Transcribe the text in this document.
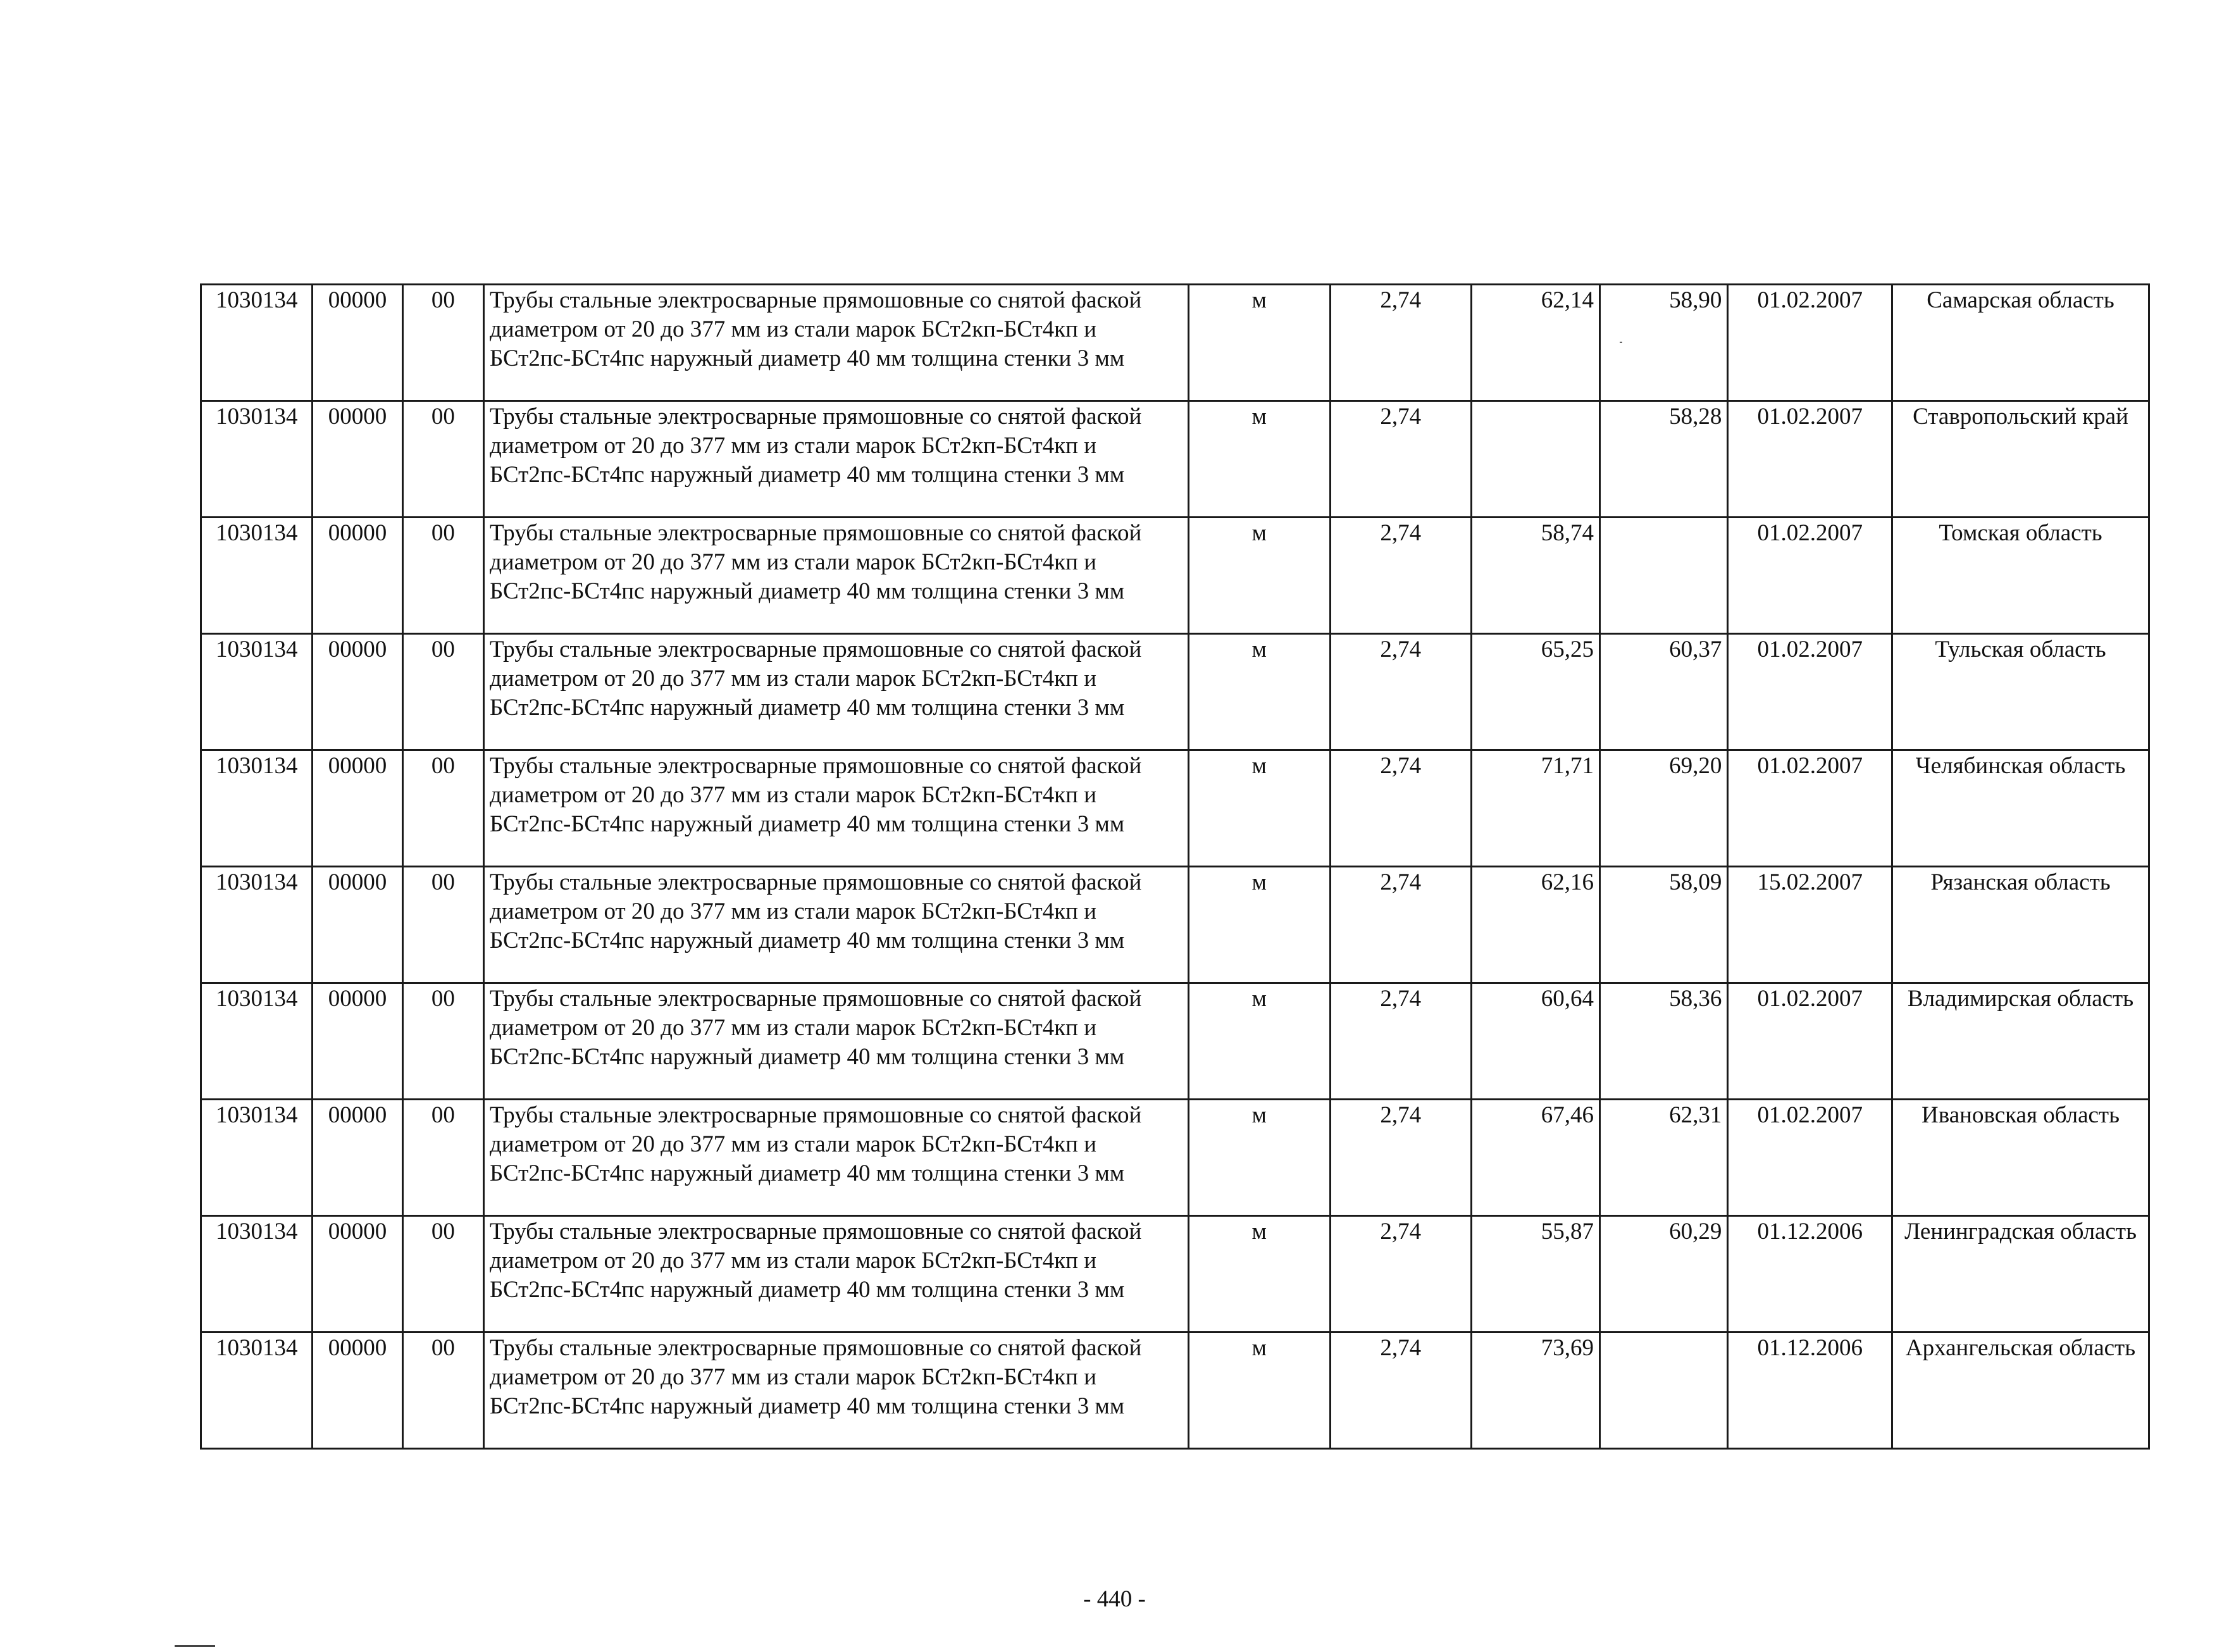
1030134	00000	00	Трубы стальные электросварные прямошовные со снятой фаской диаметром от 20 до 377 мм из стали марок БСт2кп-БСт4кп и БСт2пс-БСт4пс наружный диаметр 40 мм толщина стенки 3 мм	м	2,74	62,14	58,90	01.02.2007	Самарская область
1030134	00000	00	Трубы стальные электросварные прямошовные со снятой фаской диаметром от 20 до 377 мм из стали марок БСт2кп-БСт4кп и БСт2пс-БСт4пс наружный диаметр 40 мм толщина стенки 3 мм	м	2,74		58,28	01.02.2007	Ставропольский край
1030134	00000	00	Трубы стальные электросварные прямошовные со снятой фаской диаметром от 20 до 377 мм из стали марок БСт2кп-БСт4кп и БСт2пс-БСт4пс наружный диаметр 40 мм толщина стенки 3 мм	м	2,74	58,74		01.02.2007	Томская область
1030134	00000	00	Трубы стальные электросварные прямошовные со снятой фаской диаметром от 20 до 377 мм из стали марок БСт2кп-БСт4кп и БСт2пс-БСт4пс наружный диаметр 40 мм толщина стенки 3 мм	м	2,74	65,25	60,37	01.02.2007	Тульская область
1030134	00000	00	Трубы стальные электросварные прямошовные со снятой фаской диаметром от 20 до 377 мм из стали марок БСт2кп-БСт4кп и БСт2пс-БСт4пс наружный диаметр 40 мм толщина стенки 3 мм	м	2,74	71,71	69,20	01.02.2007	Челябинская область
1030134	00000	00	Трубы стальные электросварные прямошовные со снятой фаской диаметром от 20 до 377 мм из стали марок БСт2кп-БСт4кп и БСт2пс-БСт4пс наружный диаметр 40 мм толщина стенки 3 мм	м	2,74	62,16	58,09	15.02.2007	Рязанская область
1030134	00000	00	Трубы стальные электросварные прямошовные со снятой фаской диаметром от 20 до 377 мм из стали марок БСт2кп-БСт4кп и БСт2пс-БСт4пс наружный диаметр 40 мм толщина стенки 3 мм	м	2,74	60,64	58,36	01.02.2007	Владимирская область
1030134	00000	00	Трубы стальные электросварные прямошовные со снятой фаской диаметром от 20 до 377 мм из стали марок БСт2кп-БСт4кп и БСт2пс-БСт4пс наружный диаметр 40 мм толщина стенки 3 мм	м	2,74	67,46	62,31	01.02.2007	Ивановская область
1030134	00000	00	Трубы стальные электросварные прямошовные со снятой фаской диаметром от 20 до 377 мм из стали марок БСт2кп-БСт4кп и БСт2пс-БСт4пс наружный диаметр 40 мм толщина стенки 3 мм	м	2,74	55,87	60,29	01.12.2006	Ленинградская область
1030134	00000	00	Трубы стальные электросварные прямошовные со снятой фаской диаметром от 20 до 377 мм из стали марок БСт2кп-БСт4кп и БСт2пс-БСт4пс наружный диаметр 40 мм толщина стенки 3 мм	м	2,74	73,69		01.12.2006	Архангельская область
- 440 -
